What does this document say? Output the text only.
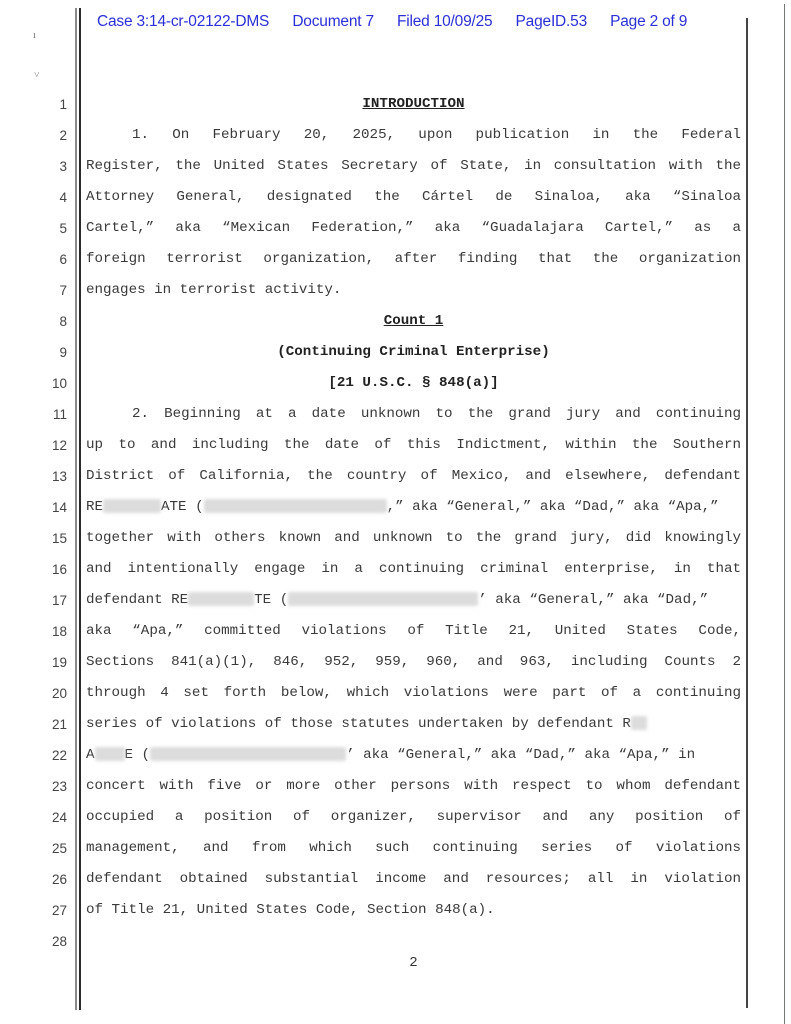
Case 3:14-cr-02122-DMS Document 7 Filed 10/09/25 PageID.53 Page 2 of 9
ı
˅
1
2
3
4
5
6
7
8
9
10
11
12
13
14
15
16
17
18
19
20
21
22
23
24
25
26
27
28
INTRODUCTION
1. On February 20, 2025, upon publication in the Federal
Register, the United States Secretary of State, in consultation with the
Attorney General, designated the Cártel de Sinaloa, aka “Sinaloa
Cartel,” aka “Mexican Federation,” aka “Guadalajara Cartel,” as a
foreign terrorist organization, after finding that the organization
engages in terrorist activity.
Count 1
(Continuing Criminal Enterprise)
[21 U.S.C. § 848(a)]
2. Beginning at a date unknown to the grand jury and continuing
up to and including the date of this Indictment, within the Southern
District of California, the country of Mexico, and elsewhere, defendant
RE	ATE (	,” aka “General,” aka “Dad,” aka “Apa,”
together with others known and unknown to the grand jury, did knowingly
and intentionally engage in a continuing criminal enterprise, in that
defendant RE	TE (	’ aka “General,” aka “Dad,”
aka “Apa,” committed violations of Title 21, United States Code,
Sections 841(a)(1), 846, 952, 959, 960, and 963, including Counts 2
through 4 set forth below, which violations were part of a continuing
series of violations of those statutes undertaken by defendant R
A E (	’ aka “General,” aka “Dad,” aka “Apa,” in
concert with five or more other persons with respect to whom defendant
occupied a position of organizer, supervisor and any position of
management, and from which such continuing series of violations
defendant obtained substantial income and resources; all in violation
of Title 21, United States Code, Section 848(a).
2
